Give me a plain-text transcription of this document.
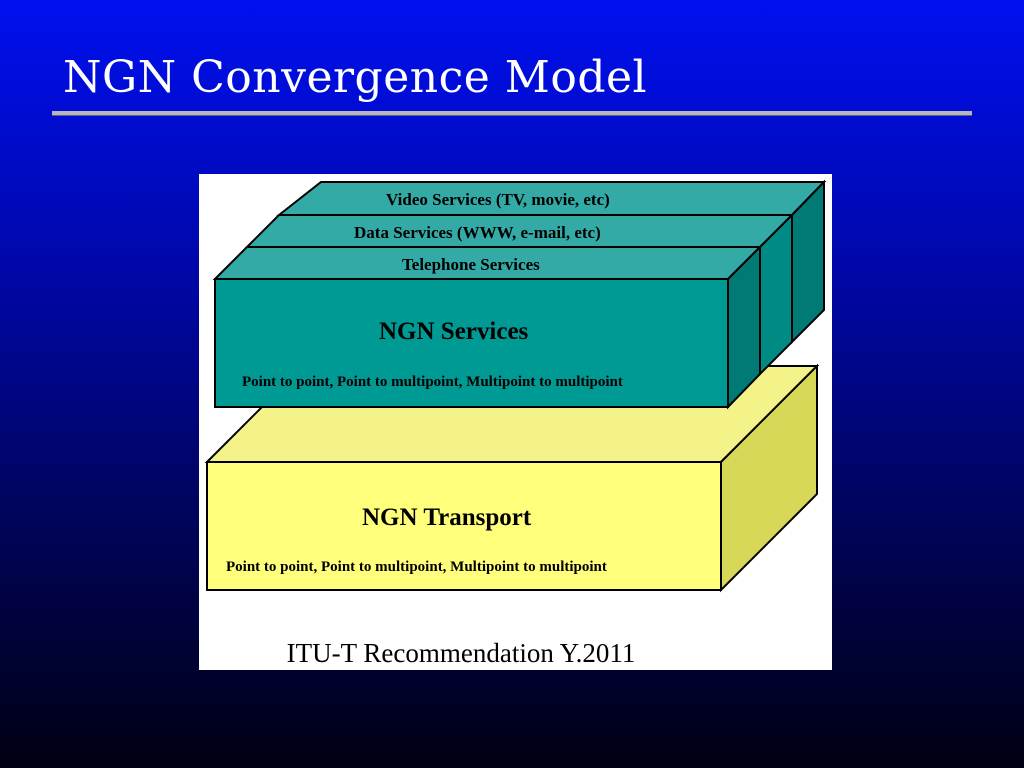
NGN Convergence Model
Video Services (TV, movie, etc)
Data Services (WWW, e-mail, etc)
Telephone Services
NGN Services
Point to point, Point to multipoint, Multipoint to multipoint
NGN Transport
Point to point, Point to multipoint, Multipoint to multipoint
ITU-T Recommendation Y.2011
